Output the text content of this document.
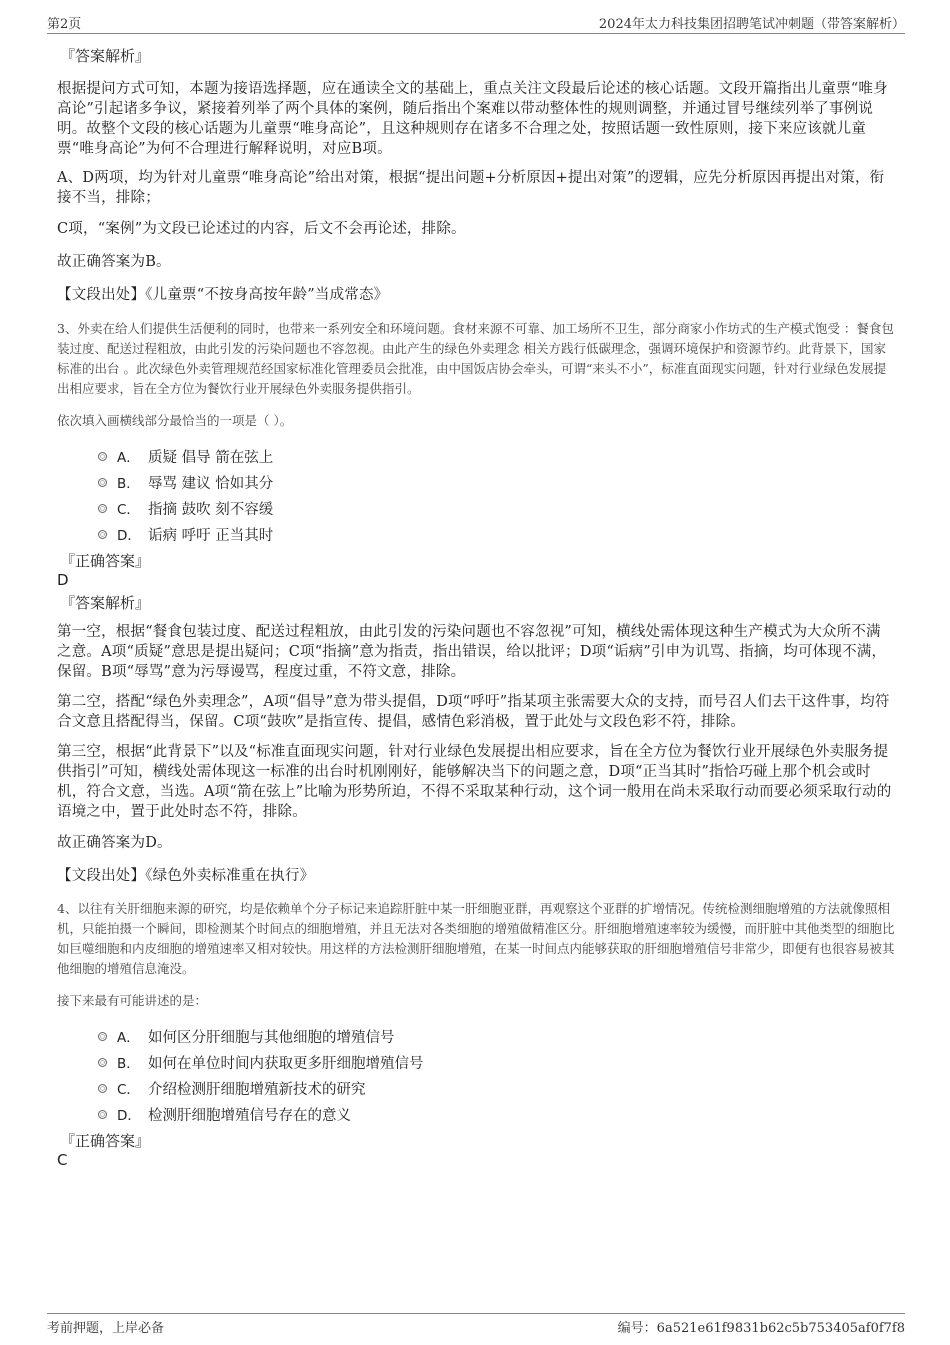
第2页	2024年太力科技集团招聘笔试冲刺题（带答案解析）

『答案解析』

根据提问方式可知，本题为接语选择题，应在通读全文的基础上，重点关注文段最后论述的核心话题。文段开篇指出儿童票“唯身高论”引起诸多争议，紧接着列举了两个具体的案例，随后指出个案难以带动整体性的规则调整，并通过冒号继续列举了事例说明。故整个文段的核心话题为儿童票“唯身高论”，且这种规则存在诸多不合理之处，按照话题一致性原则，接下来应该就儿童票“唯身高论”为何不合理进行解释说明，对应B项。

A、D两项，均为针对儿童票“唯身高论”给出对策，根据“提出问题+分析原因+提出对策”的逻辑，应先分析原因再提出对策，衔接不当，排除；

C项，“案例”为文段已论述过的内容，后文不会再论述，排除。

故正确答案为B。

【文段出处】《儿童票“不按身高按年龄”当成常态》

3、外卖在给人们提供生活便利的同时，也带来一系列安全和环境问题。食材来源不可靠、加工场所不卫生，部分商家小作坊式的生产模式饱受 ：餐食包装过度、配送过程粗放，由此引发的污染问题也不容忽视。由此产生的绿色外卖理念 相关方践行低碳理念，强调环境保护和资源节约。此背景下，国家标准的出台 。此次绿色外卖管理规范经国家标准化管理委员会批准，由中国饭店协会牵头，可谓“来头不小”，标准直面现实问题，针对行业绿色发展提出相应要求，旨在全方位为餐饮行业开展绿色外卖服务提供指引。

依次填入画横线部分最恰当的一项是（ ）。

A． 质疑 倡导 箭在弦上
B． 辱骂 建议 恰如其分
C． 指摘 鼓吹 刻不容缓
D． 诟病 呼吁 正当其时

『正确答案』

D

『答案解析』

第一空，根据“餐食包装过度、配送过程粗放，由此引发的污染问题也不容忽视”可知，横线处需体现这种生产模式为大众所不满之意。A项“质疑”意思是提出疑问；C项“指摘”意为指责，指出错误，给以批评；D项“诟病”引申为讥骂、指摘，均可体现不满，保留。B项“辱骂”意为污辱谩骂，程度过重，不符文意，排除。

第二空，搭配“绿色外卖理念”，A项“倡导”意为带头提倡，D项“呼吁”指某项主张需要大众的支持，而号召人们去干这件事，均符合文意且搭配得当，保留。C项“鼓吹”是指宣传、提倡，感情色彩消极，置于此处与文段色彩不符，排除。

第三空，根据“此背景下”以及“标准直面现实问题，针对行业绿色发展提出相应要求，旨在全方位为餐饮行业开展绿色外卖服务提供指引”可知，横线处需体现这一标准的出台时机刚刚好，能够解决当下的问题之意，D项“正当其时”指恰巧碰上那个机会或时机，符合文意，当选。A项“箭在弦上”比喻为形势所迫，不得不采取某种行动，这个词一般用在尚未采取行动而要必须采取行动的语境之中，置于此处时态不符，排除。

故正确答案为D。

【文段出处】《绿色外卖标准重在执行》

4、以往有关肝细胞来源的研究，均是依赖单个分子标记来追踪肝脏中某一肝细胞亚群，再观察这个亚群的扩增情况。传统检测细胞增殖的方法就像照相机，只能拍摄一个瞬间，即检测某个时间点的细胞增殖，并且无法对各类细胞的增殖做精准区分。肝细胞增殖速率较为缓慢，而肝脏中其他类型的细胞比如巨噬细胞和内皮细胞的增殖速率又相对较快。用这样的方法检测肝细胞增殖，在某一时间点内能够获取的肝细胞增殖信号非常少，即便有也很容易被其他细胞的增殖信息淹没。

接下来最有可能讲述的是：

A． 如何区分肝细胞与其他细胞的增殖信号
B． 如何在单位时间内获取更多肝细胞增殖信号
C． 介绍检测肝细胞增殖新技术的研究
D． 检测肝细胞增殖信号存在的意义

『正确答案』

C

考前押题，上岸必备	编号：6a521e61f9831b62c5b753405af0f7f8
